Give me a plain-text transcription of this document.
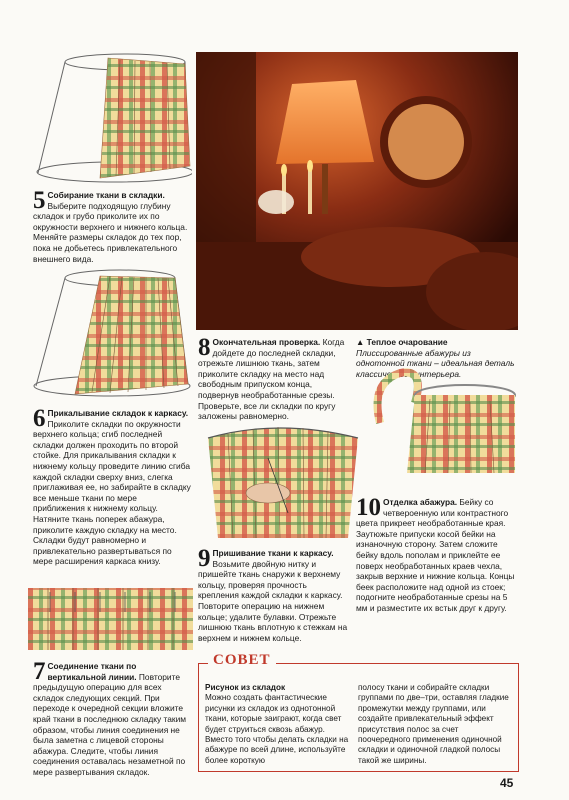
▲ Теплое очарование
Плиссированные абажуры из однотонной ткани – идеальная деталь классического интерьера.
5 Собирание ткани в складки. Выберите подходящую глубину складок и грубо приколите их по окружности верхнего и нижнего кольца. Меняйте размеры складок до тех пор, пока не добьетесь привлекательного внешнего вида.
6 Прикалывание складок к каркасу. Приколите складки по окружности верхнего кольца; сгиб последней складки должен проходить по второй стойке. Для прикалывания складки к нижнему кольцу проведите линию сгиба каждой складки сверху вниз, слегка приглаживая ее, но забирайте в складку все меньше ткани по мере приближения к нижнему кольцу. Натяните ткань поперек абажура, приколите каждую складку на место. Складки будут равномерно и привлекательно развертываться по мере расширения каркаса книзу.
7 Соединение ткани по вертикальной линии. Повторите предыдущую операцию для всех складок следующих секций. При переходе к очередной секции вложите край ткани в последнюю складку таким образом, чтобы линия соединения не была заметна с лицевой стороны абажура. Следите, чтобы линия соединения оставалась незаметной по мере развертывания складок.
8 Окончательная проверка. Когда дойдете до последней складки, отрежьте лишнюю ткань, затем приколите складку на место над свободным припуском конца, подвернув необработанные срезы. Проверьте, все ли складки по кругу заложены равномерно.
9 Пришивание ткани к каркасу. Возьмите двойную нитку и пришейте ткань снаружи к верхнему кольцу, проверяя прочность крепления каждой складки к каркасу. Повторите операцию на нижнем кольце; удалите булавки. Отрежьте лишнюю ткань вплотную к стежкам на верхнем и нижнем кольце.
10 Отделка абажура. Бейку со четвероенную или контрастного цвета прикреет необработанные края. Заутюжьте припуски косой бейки на изнаночную сторону. Затем сложите бейку вдоль пополам и приклейте ее поверх необработанных краев чехла, закрыв верхние и нижние кольца. Концы беек расположите над одной из стоек; подогните необработанные срезы на 5 мм и разместите их встык друг к другу.
СОВЕТ
Рисунок из складок
Можно создать фантастические рисунки из складок из однотонной ткани, которые заиграют, когда свет будет струиться сквозь абажур. Вместо того чтобы делать складки на абажуре по всей длине, используйте более короткую
полосу ткани и собирайте складки группами по две–три, оставляя гладкие промежутки между группами, или создайте привлекательный эффект присутствия полос за счет поочередного применения одиночной складки и одиночной гладкой полосы такой же ширины.
45
